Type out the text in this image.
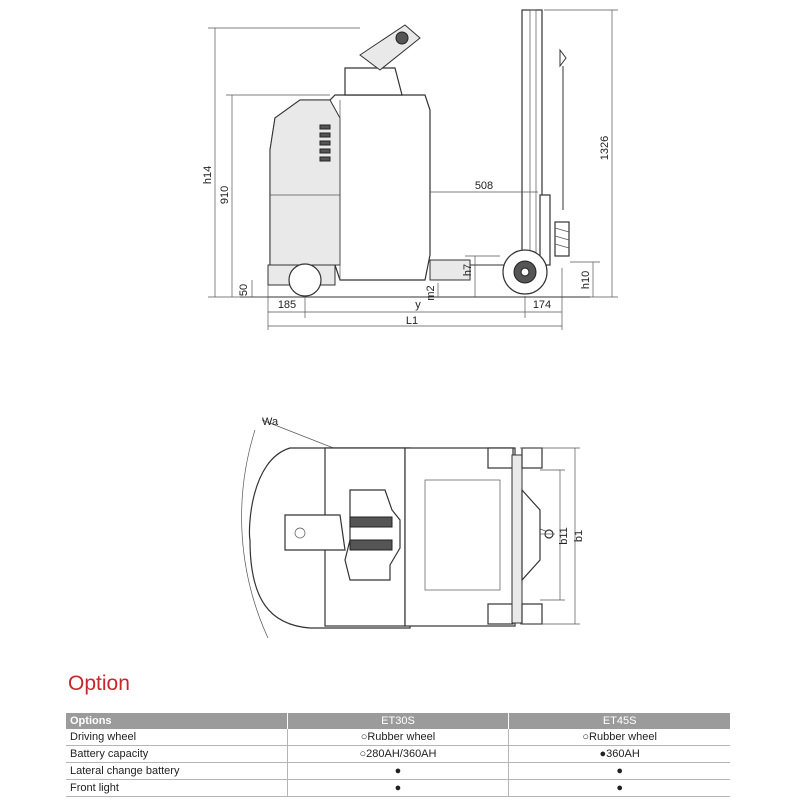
h14
910
50
185	y	174
L1
m2
h7
508
h10
1326
Wa
b11 b1
Option
Options	ET30S	ET45S
Driving wheel	○Rubber wheel	○Rubber wheel
Battery capacity	○280AH/360AH	●360AH
Lateral change battery	●	●
Front light	●	●
